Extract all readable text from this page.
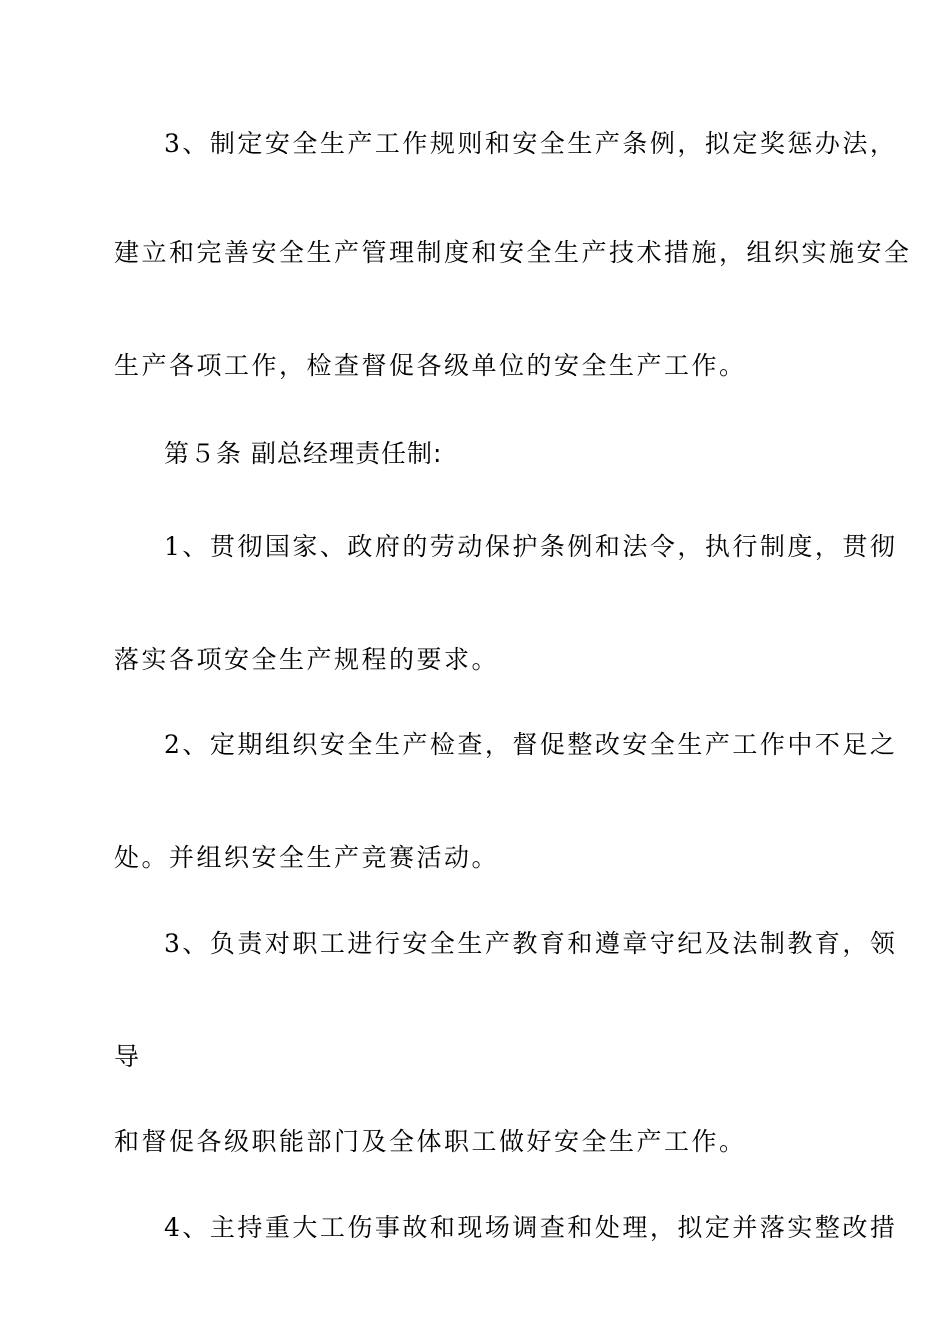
3、制定安全生产工作规则和安全生产条例，拟定奖惩办法，
建立和完善安全生产管理制度和安全生产技术措施，组织实施安全
生产各项工作，检查督促各级单位的安全生产工作。
第５条 副总经理责任制:
1、贯彻国家、政府的劳动保护条例和法令，执行制度，贯彻
落实各项安全生产规程的要求。
2、定期组织安全生产检查，督促整改安全生产工作中不足之
处。并组织安全生产竞赛活动。
3、负责对职工进行安全生产教育和遵章守纪及法制教育，领
导
和督促各级职能部门及全体职工做好安全生产工作。
4、主持重大工伤事故和现场调查和处理，拟定并落实整改措
